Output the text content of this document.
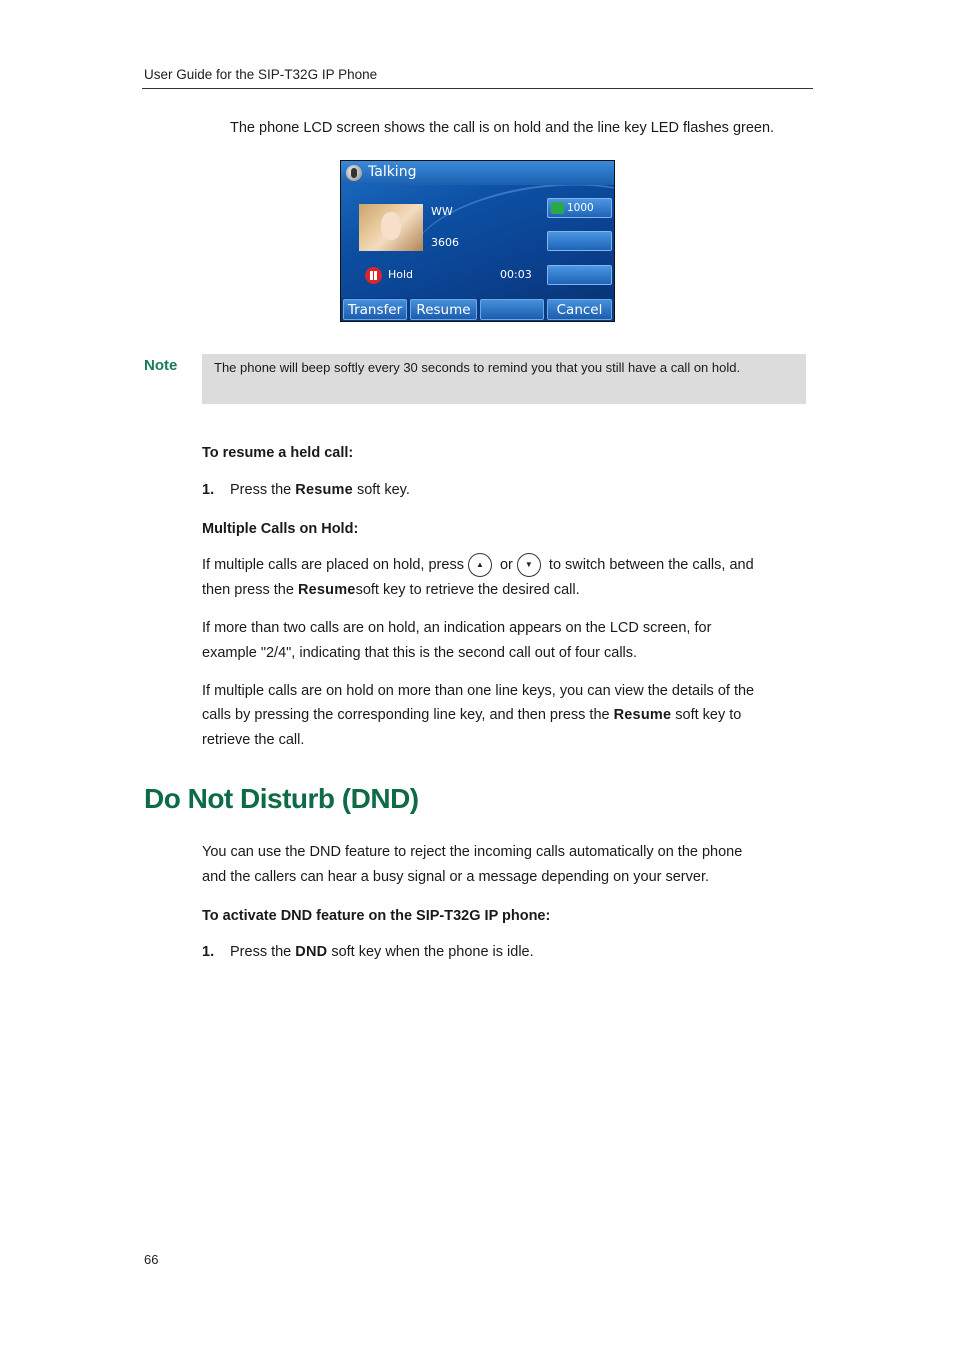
User Guide for the SIP-T32G IP Phone
The phone LCD screen shows the call is on hold and the line key LED flashes green.
Talking
WW
3606
Hold	00:03
1000
Transfer	Resume	Cancel
Note	The phone will beep softly every 30 seconds to remind you that you still have a call on hold.
To resume a held call:
1. Press the Resume soft key.
Multiple Calls on Hold:
If multiple calls are placed on hold, press	▲	or	▼	to switch between the calls, and
then press the Resumesoft key to retrieve the desired call.
If more than two calls are on hold, an indication appears on the LCD screen, for
example "2/4", indicating that this is the second call out of four calls.
If multiple calls are on hold on more than one line keys, you can view the details of the
calls by pressing the corresponding line key, and then press the Resume soft key to
retrieve the call.
Do Not Disturb (DND)
You can use the DND feature to reject the incoming calls automatically on the phone
and the callers can hear a busy signal or a message depending on your server.
To activate DND feature on the SIP-T32G IP phone:
1. Press the DND soft key when the phone is idle.
66
